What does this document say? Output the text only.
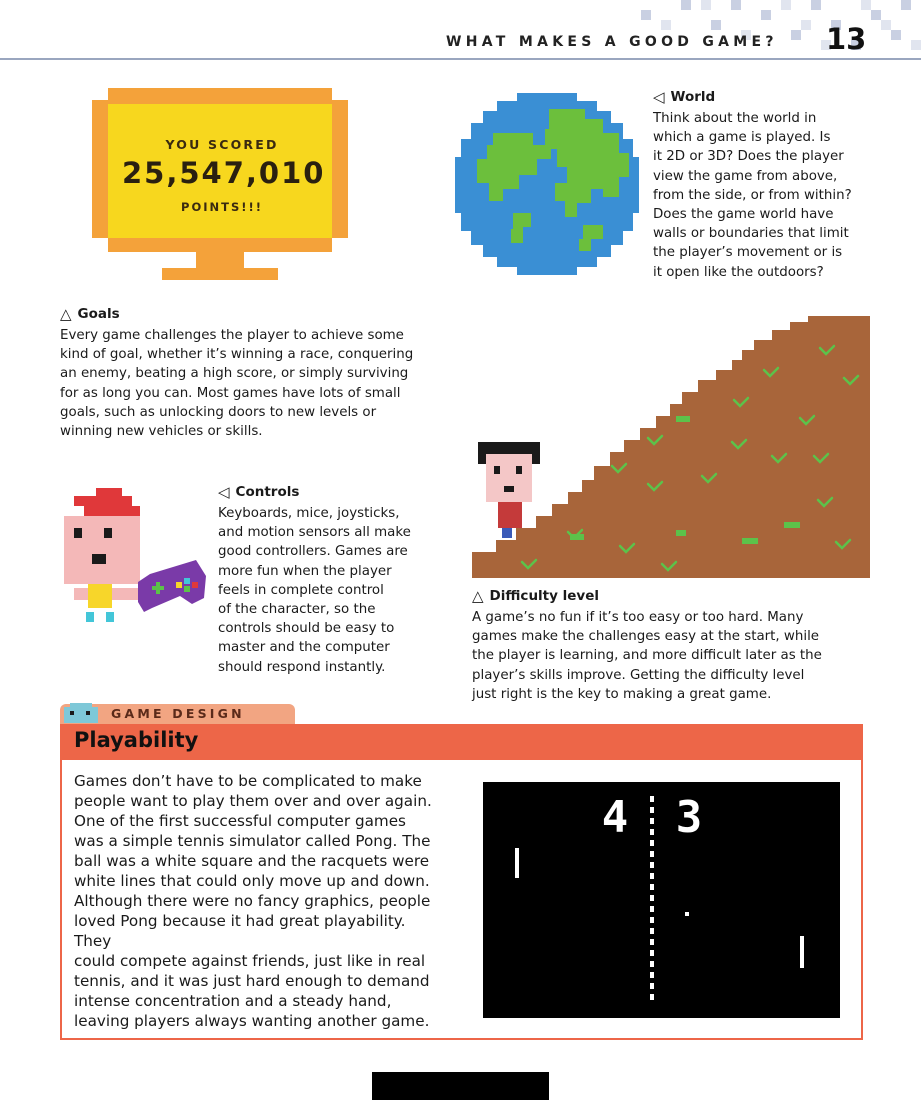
WHAT MAKES A GOOD GAME? 13
YOU SCORED
25,547,010
POINTS!!!
◁ World
Think about the world in
which a game is played. Is
it 2D or 3D? Does the player
view the game from above,
from the side, or from within?
Does the game world have
walls or boundaries that limit
the player’s movement or is
it open like the outdoors?
△ Goals
Every game challenges the player to achieve some
kind of goal, whether it’s winning a race, conquering
an enemy, beating a high score, or simply surviving
for as long you can. Most games have lots of small
goals, such as unlocking doors to new levels or
winning new vehicles or skills.
◁ Controls
Keyboards, mice, joysticks,
and motion sensors all make
good controllers. Games are
more fun when the player
feels in complete control
of the character, so the
controls should be easy to
master and the computer
should respond instantly.
△ Difficulty level
A game’s no fun if it’s too easy or too hard. Many
games make the challenges easy at the start, while
the player is learning, and more difficult later as the
player’s skills improve. Getting the difficulty level
just right is the key to making a great game.
GAME DESIGN
Playability
Games don’t have to be complicated to make
people want to play them over and over again.
One of the first successful computer games
was a simple tennis simulator called Pong. The
ball was a white square and the racquets were
white lines that could only move up and down.
Although there were no fancy graphics, people
loved Pong because it had great playability. They
could compete against friends, just like in real
tennis, and it was just hard enough to demand
intense concentration and a steady hand,
leaving players always wanting another game.
4 3
